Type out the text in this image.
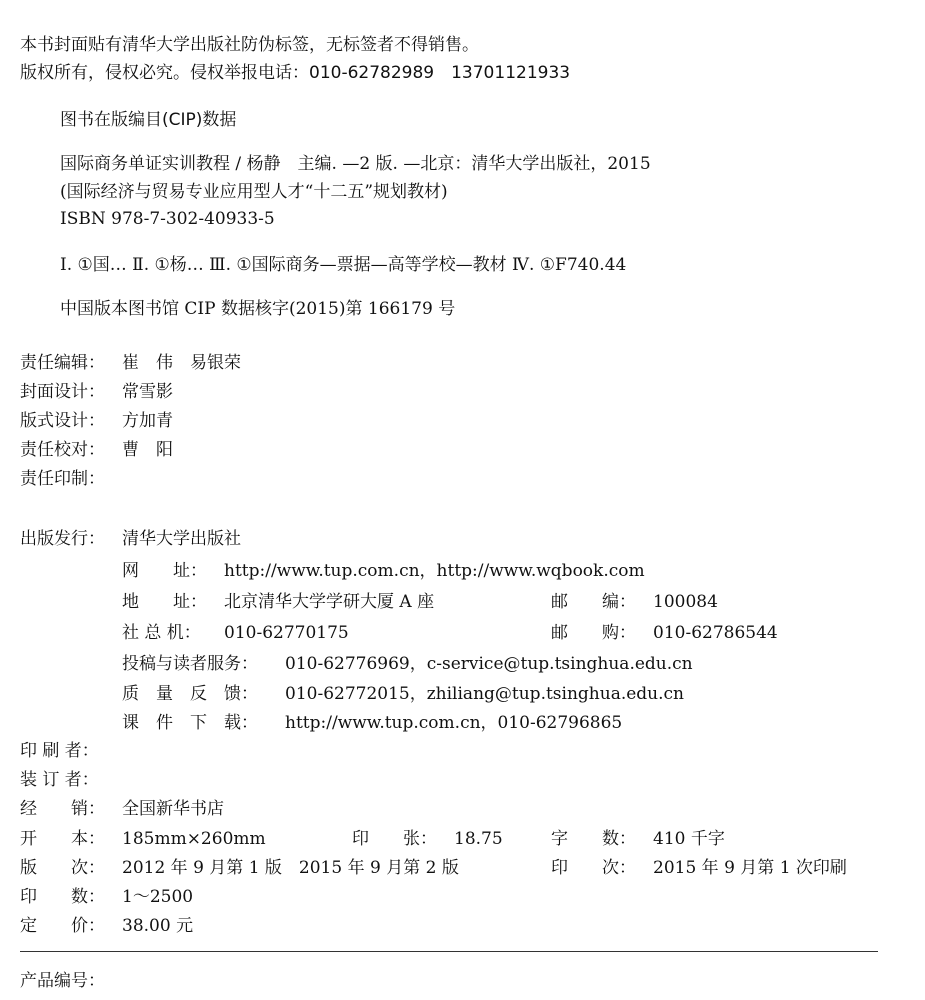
本书封面贴有清华大学出版社防伪标签，无标签者不得销售。
版权所有，侵权必究。侵权举报电话：010-62782989　13701121933
图书在版编目(CIP)数据
国际商务单证实训教程 / 杨静　主编. —2 版. —北京：清华大学出版社，2015
(国际经济与贸易专业应用型人才“十二五”规划教材)
ISBN 978-7-302-40933-5
Ⅰ. ①国… Ⅱ. ①杨… Ⅲ. ①国际商务—票据—高等学校—教材 Ⅳ. ①F740.44
中国版本图书馆 CIP 数据核字(2015)第 166179 号
责任编辑： 崔　伟　易银荣
封面设计： 常雪影
版式设计： 方加青
责任校对： 曹　阳
责任印制：
出版发行： 清华大学出版社
网　　址： http://www.tup.com.cn，http://www.wqbook.com
地　　址： 北京清华大学学研大厦 A 座	邮　　编： 100084
社 总 机： 010-62770175	邮　　购： 010-62786544
投稿与读者服务： 010-62776969，c-service@tup.tsinghua.edu.cn
质　量　反　馈： 010-62772015，zhiliang@tup.tsinghua.edu.cn
课　件　下　载： http://www.tup.com.cn，010-62796865
印 刷 者：
装 订 者：
经　　销： 全国新华书店
开　　本： 185mm×260mm	印　　张： 18.75	字　　数： 410 千字
版　　次： 2012 年 9 月第 1 版　2015 年 9 月第 2 版	印　　次： 2015 年 9 月第 1 次印刷
印　　数： 1～2500
定　　价： 38.00 元
产品编号：
